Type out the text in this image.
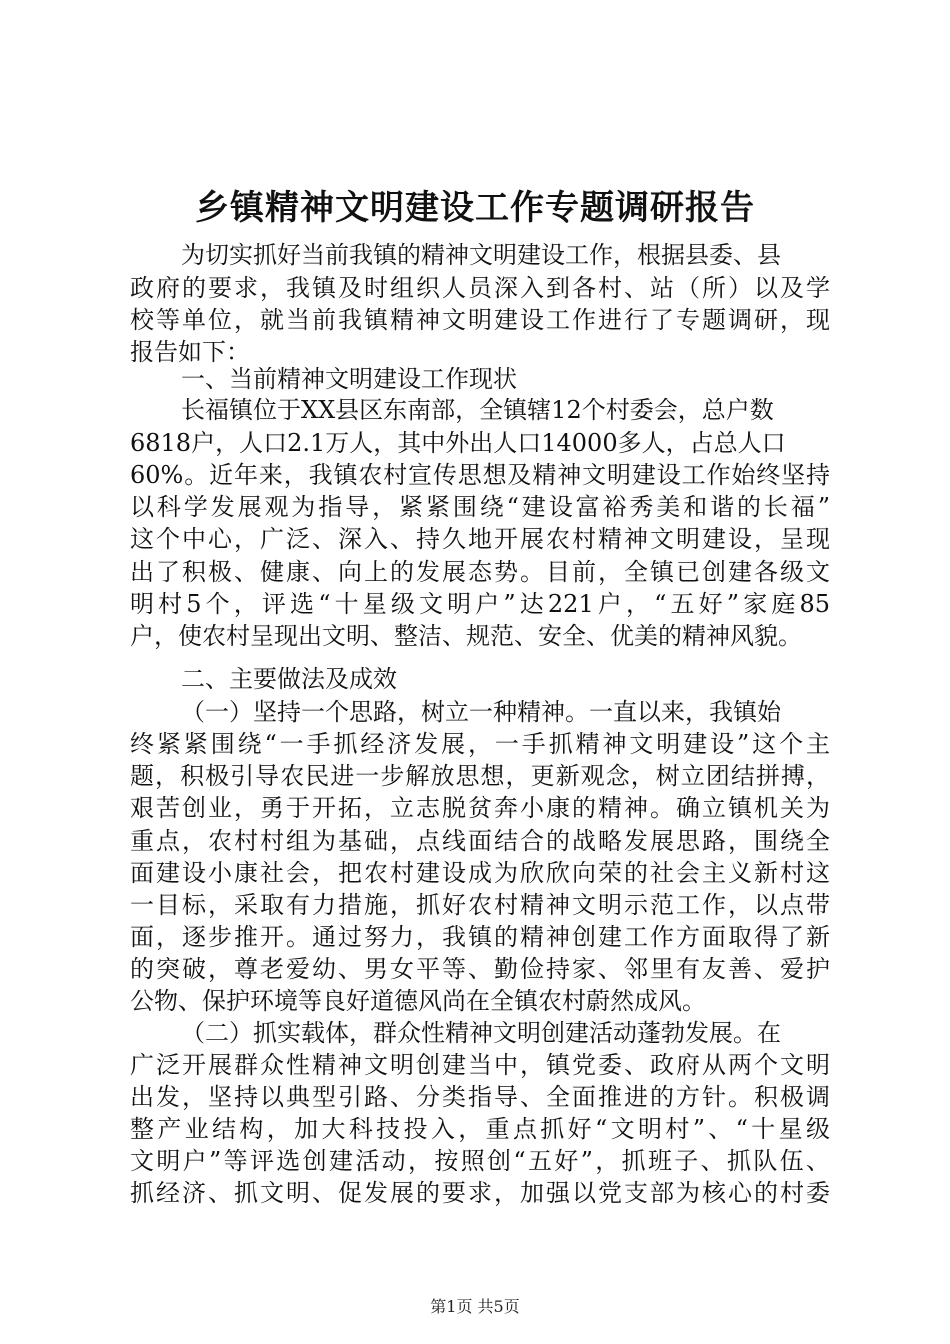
乡镇精神文明建设工作专题调研报告

为切实抓好当前我镇的精神文明建设工作，根据县委、县

政府的要求，我镇及时组织人员深入到各村、站（所）以及学

校等单位，就当前我镇精神文明建设工作进行了专题调研，现

报告如下：

一、当前精神文明建设工作现状

长福镇位于XX县区东南部，全镇辖12个村委会，总户数

6818户，人口2.1万人，其中外出人口14000多人，占总人口

60%。近年来，我镇农村宣传思想及精神文明建设工作始终坚持

以科学发展观为指导，紧紧围绕“建设富裕秀美和谐的长福”

这个中心，广泛、深入、持久地开展农村精神文明建设，呈现

出了积极、健康、向上的发展态势。目前，全镇已创建各级文

明村5个，评选“十星级文明户”达221户，“五好”家庭85

户，使农村呈现出文明、整洁、规范、安全、优美的精神风貌。

二、主要做法及成效

（一）坚持一个思路，树立一种精神。一直以来，我镇始

终紧紧围绕“一手抓经济发展，一手抓精神文明建设”这个主

题，积极引导农民进一步解放思想，更新观念，树立团结拼搏，

艰苦创业，勇于开拓，立志脱贫奔小康的精神。确立镇机关为

重点，农村村组为基础，点线面结合的战略发展思路，围绕全

面建设小康社会，把农村建设成为欣欣向荣的社会主义新村这

一目标，采取有力措施，抓好农村精神文明示范工作，以点带

面，逐步推开。通过努力，我镇的精神创建工作方面取得了新

的突破，尊老爱幼、男女平等、勤俭持家、邻里有友善、爱护

公物、保护环境等良好道德风尚在全镇农村蔚然成风。

（二）抓实载体，群众性精神文明创建活动蓬勃发展。在

广泛开展群众性精神文明创建当中，镇党委、政府从两个文明

出发，坚持以典型引路、分类指导、全面推进的方针。积极调

整产业结构，加大科技投入，重点抓好“文明村”、“十星级

文明户”等评选创建活动，按照创“五好”，抓班子、抓队伍、

抓经济、抓文明、促发展的要求，加强以党支部为核心的村委

第1页 共5页
